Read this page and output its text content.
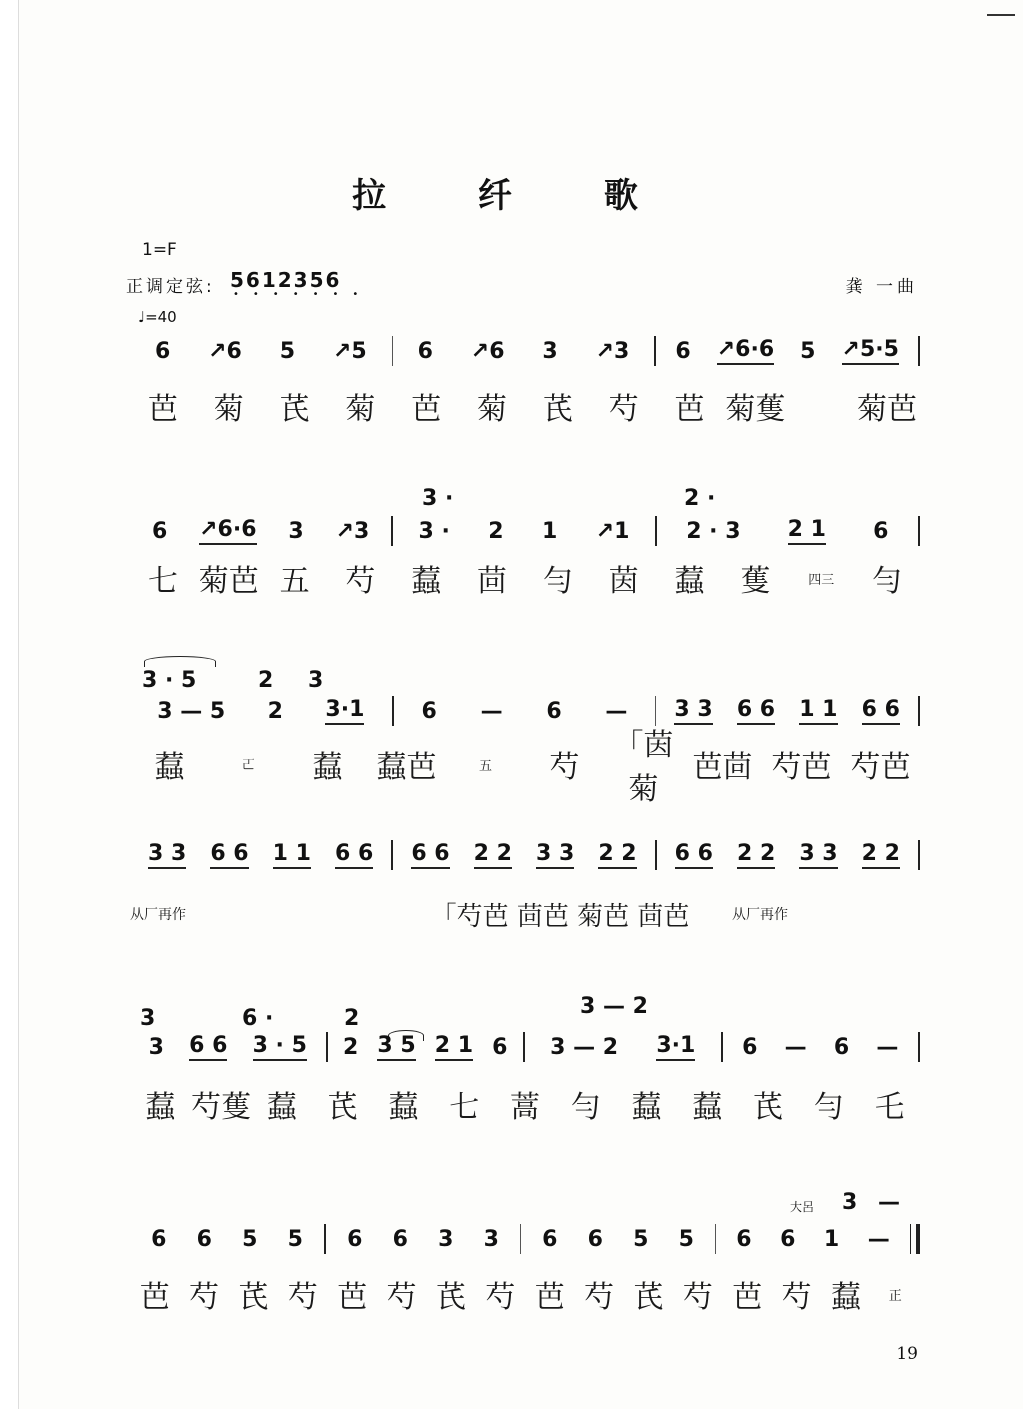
拉 纤 歌
1=F
正调定弦: 5612356
•••••••	龚 一曲
♩=40
6 ↗6 5 ↗5 6 ↗6 3 ↗3 6 ↗6·6 5 ↗5·5
芭	菊	芪	菊	芭	菊	芪	芍	芭 菊蒦 菊芭
3 ·	2 ·
6 ↗6·6 3 ↗3 3 · 2 1 ↗1	2 · 3 2 1 6
七 菊芭 五	芍	蠚	茴	勻	茵	蠚	蒦	四三	勻
3 · 5	2 3
3 — 5 2 3·1	6 — 6 — 3 3 6 6 1 1 6 6
蠚	𠀀	蠚	蠚芭	五	芍
「茵菊
芭茴 芍芭 芍芭
3 3 6 6 1 1 6 6 6 6 2 2 3 3 2 2 6 6 2 2 3 3 2 2
从厂再作	「芍芭 茴芭 菊芭 茴芭	从厂再作
3	6 ·	2	3 — 2
3 6 6 3 · 5 2 3 5 2 1 6 3 — 2 3·1 6 — 6 —
蠚 芍蒦 蠚	芪	蠚	七	蒿	勻	蠚	蠚	芪	勻	乇
大呂 3 —
6 6 5 5 6 6 3 3 6 6 5 5 6 6 1 —
芭 芍 芪 芍 芭 芍 芪 芍 芭 芍 芪 芍 芭 芍 蠚	正
19
